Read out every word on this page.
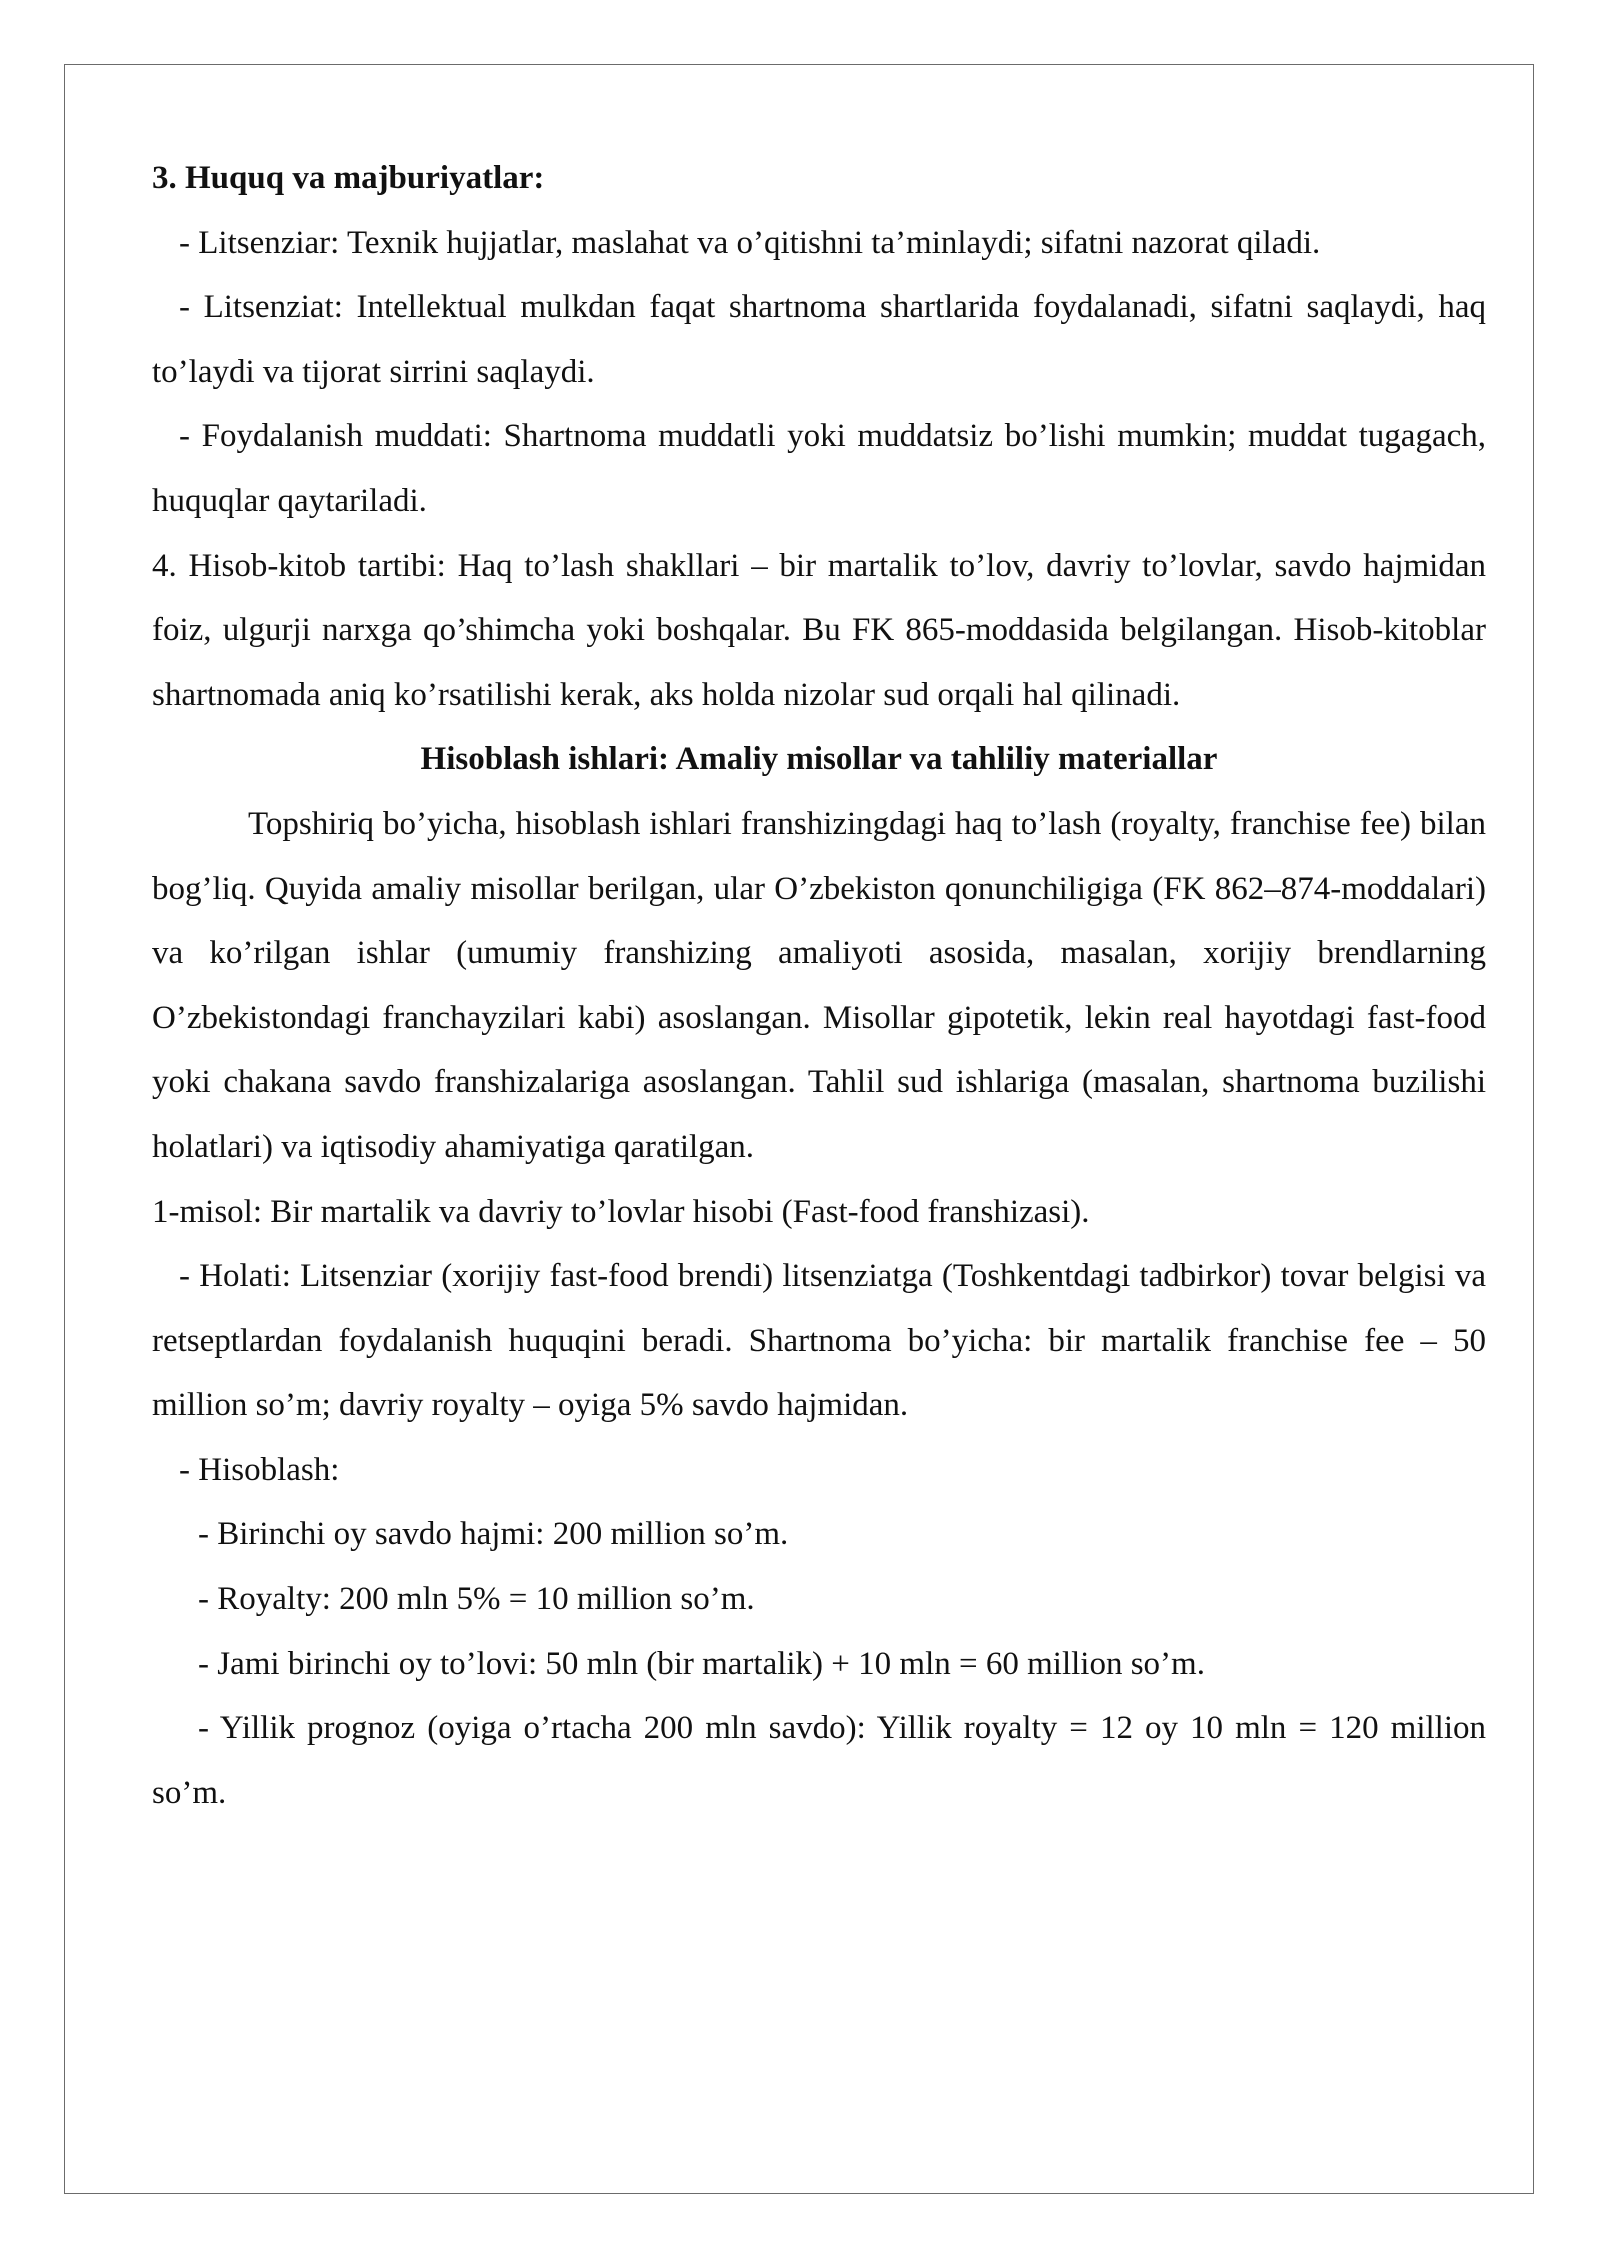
3. Huquq va majburiyatlar:

- Litsenziar: Texnik hujjatlar, maslahat va o’qitishni ta’minlaydi; sifatni nazorat qiladi.

- Litsenziat: Intellektual mulkdan faqat shartnoma shartlarida foydalanadi, sifatni saqlaydi, haq to’laydi va tijorat sirrini saqlaydi.

- Foydalanish muddati: Shartnoma muddatli yoki muddatsiz bo’lishi mumkin; muddat tugagach, huquqlar qaytariladi.

4. Hisob-kitob tartibi: Haq to’lash shakllari – bir martalik to’lov, davriy to’lovlar, savdo hajmidan foiz, ulgurji narxga qo’shimcha yoki boshqalar. Bu FK 865-moddasida belgilangan. Hisob-kitoblar shartnomada aniq ko’rsatilishi kerak, aks holda nizolar sud orqali hal qilinadi.

Hisoblash ishlari: Amaliy misollar va tahliliy materiallar

Topshiriq bo’yicha, hisoblash ishlari franshizingdagi haq to’lash (royalty, franchise fee) bilan bog’liq. Quyida amaliy misollar berilgan, ular O’zbekiston qonunchiligiga (FK 862–874-moddalari) va ko’rilgan ishlar (umumiy franshizing amaliyoti asosida, masalan, xorijiy brendlarning O’zbekistondagi franchayzilari kabi) asoslangan. Misollar gipotetik, lekin real hayotdagi fast-food yoki chakana savdo franshizalariga asoslangan. Tahlil sud ishlariga (masalan, shartnoma buzilishi holatlari) va iqtisodiy ahamiyatiga qaratilgan.

1-misol: Bir martalik va davriy to’lovlar hisobi (Fast-food franshizasi).

- Holati: Litsenziar (xorijiy fast-food brendi) litsenziatga (Toshkentdagi tadbirkor) tovar belgisi va retseptlardan foydalanish huquqini beradi. Shartnoma bo’yicha: bir martalik franchise fee – 50 million so’m; davriy royalty – oyiga 5% savdo hajmidan.

- Hisoblash:

- Birinchi oy savdo hajmi: 200 million so’m.

- Royalty: 200 mln 5% = 10 million so’m.

- Jami birinchi oy to’lovi: 50 mln (bir martalik) + 10 mln = 60 million so’m.

- Yillik prognoz (oyiga o’rtacha 200 mln savdo): Yillik royalty = 12 oy 10 mln = 120 million so’m.
